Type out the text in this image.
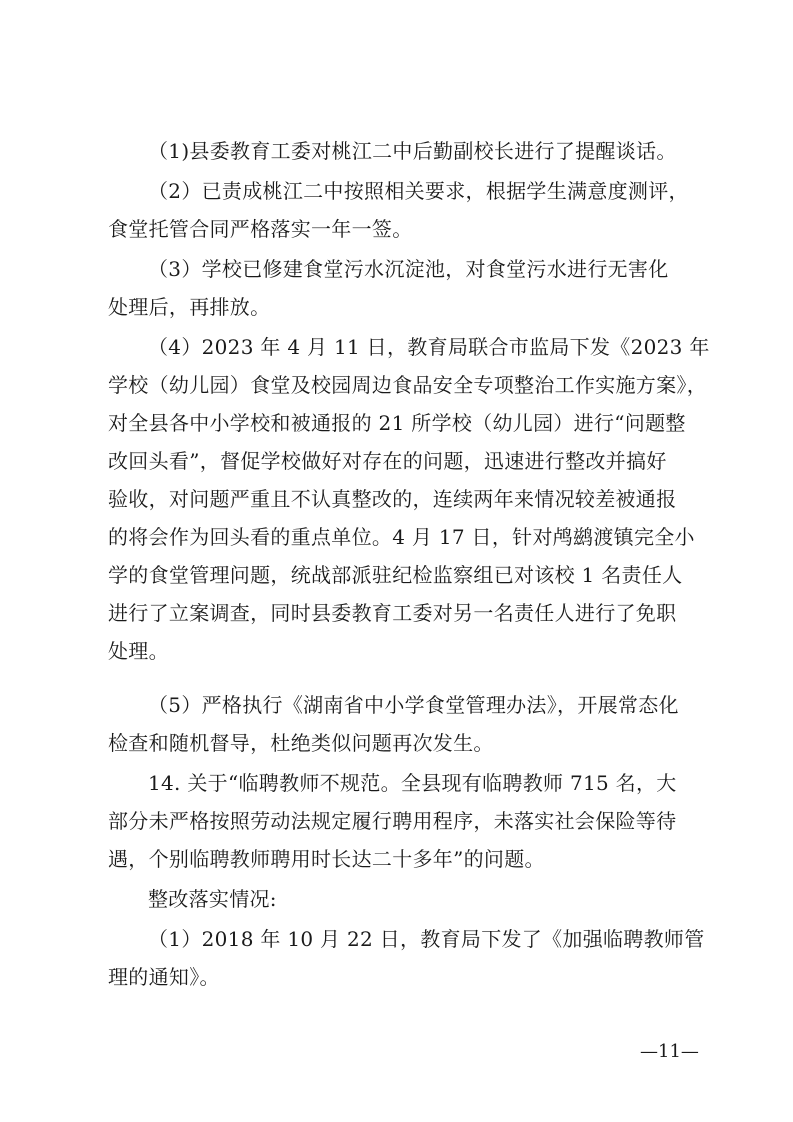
（1)县委教育工委对桃江二中后勤副校长进行了提醒谈话。
（2）已责成桃江二中按照相关要求，根据学生满意度测评，
食堂托管合同严格落实一年一签。
（3）学校已修建食堂污水沉淀池，对食堂污水进行无害化
处理后，再排放。
（4）2023 年 4 月 11 日，教育局联合市监局下发《2023 年
学校（幼儿园）食堂及校园周边食品安全专项整治工作实施方案》，
对全县各中小学校和被通报的 21 所学校（幼儿园）进行“问题整
改回头看”，督促学校做好对存在的问题，迅速进行整改并搞好
验收，对问题严重且不认真整改的，连续两年来情况较差被通报
的将会作为回头看的重点单位。4 月 17 日，针对鸬鹚渡镇完全小
学的食堂管理问题，统战部派驻纪检监察组已对该校 1 名责任人
进行了立案调查，同时县委教育工委对另一名责任人进行了免职
处理。
（5）严格执行《湖南省中小学食堂管理办法》，开展常态化
检查和随机督导，杜绝类似问题再次发生。
14. 关于“临聘教师不规范。全县现有临聘教师 715 名，大
部分未严格按照劳动法规定履行聘用程序，未落实社会保险等待
遇，个别临聘教师聘用时长达二十多年”的问题。
整改落实情况:
（1）2018 年 10 月 22 日，教育局下发了《加强临聘教师管
理的通知》。
—11—
